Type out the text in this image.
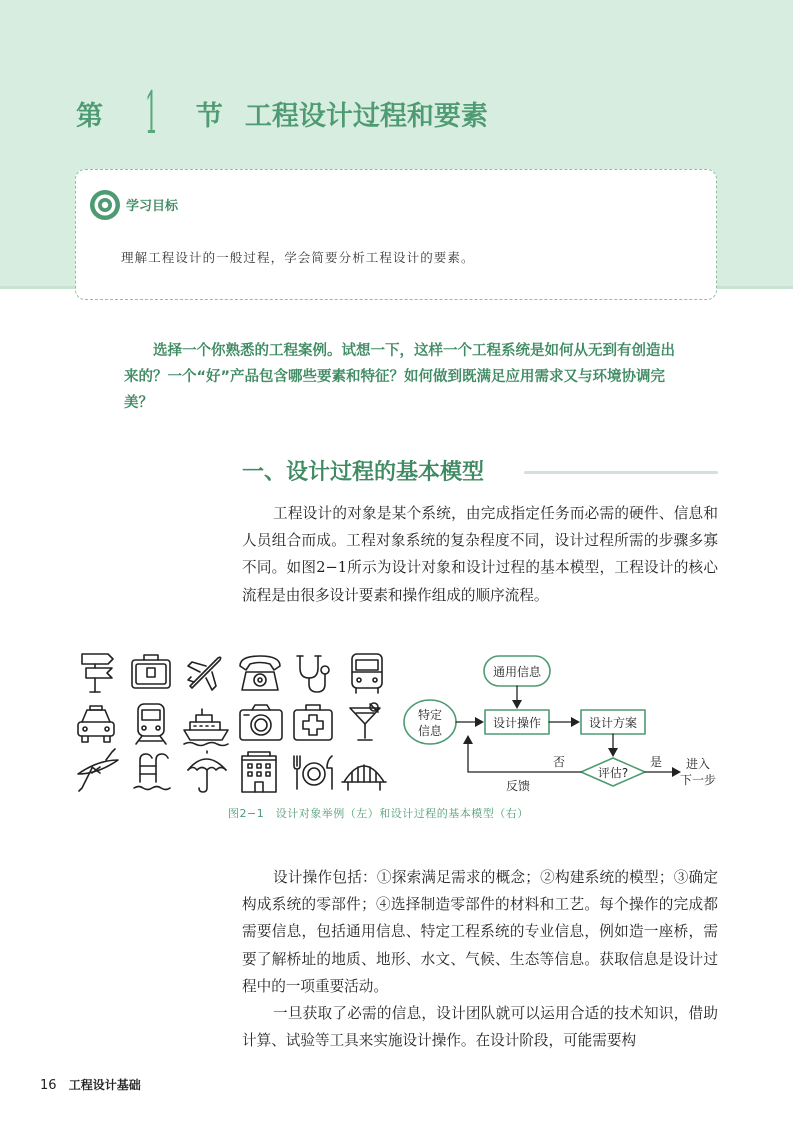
第 1 节 工程设计过程和要素
学习目标
理解工程设计的一般过程，学会简要分析工程设计的要素。

选择一个你熟悉的工程案例。试想一下，这样一个工程系统是如何从无到有创造出来的？一个“好”产品包含哪些要素和特征？如何做到既满足应用需求又与环境协调完美？

一、设计过程的基本模型

工程设计的对象是某个系统，由完成指定任务而必需的硬件、信息和人员组合而成。工程对象系统的复杂程度不同，设计过程所需的步骤多寡不同。如图2−1所示为设计对象和设计过程的基本模型，工程设计的核心流程是由很多设计要素和操作组成的顺序流程。

通用信息
特定
信息
设计操作	设计方案
评估?
否	是 进入
下一步
反馈
图2−1　设计对象举例（左）和设计过程的基本模型（右）

设计操作包括：①探索满足需求的概念；②构建系统的模型；③确定构成系统的零部件；④选择制造零部件的材料和工艺。每个操作的完成都需要信息，包括通用信息、特定工程系统的专业信息，例如造一座桥，需要了解桥址的地质、地形、水文、气候、生态等信息。获取信息是设计过程中的一项重要活动。

一旦获取了必需的信息，设计团队就可以运用合适的技术知识，借助计算、试验等工具来实施设计操作。在设计阶段，可能需要构

16 工程设计基础
